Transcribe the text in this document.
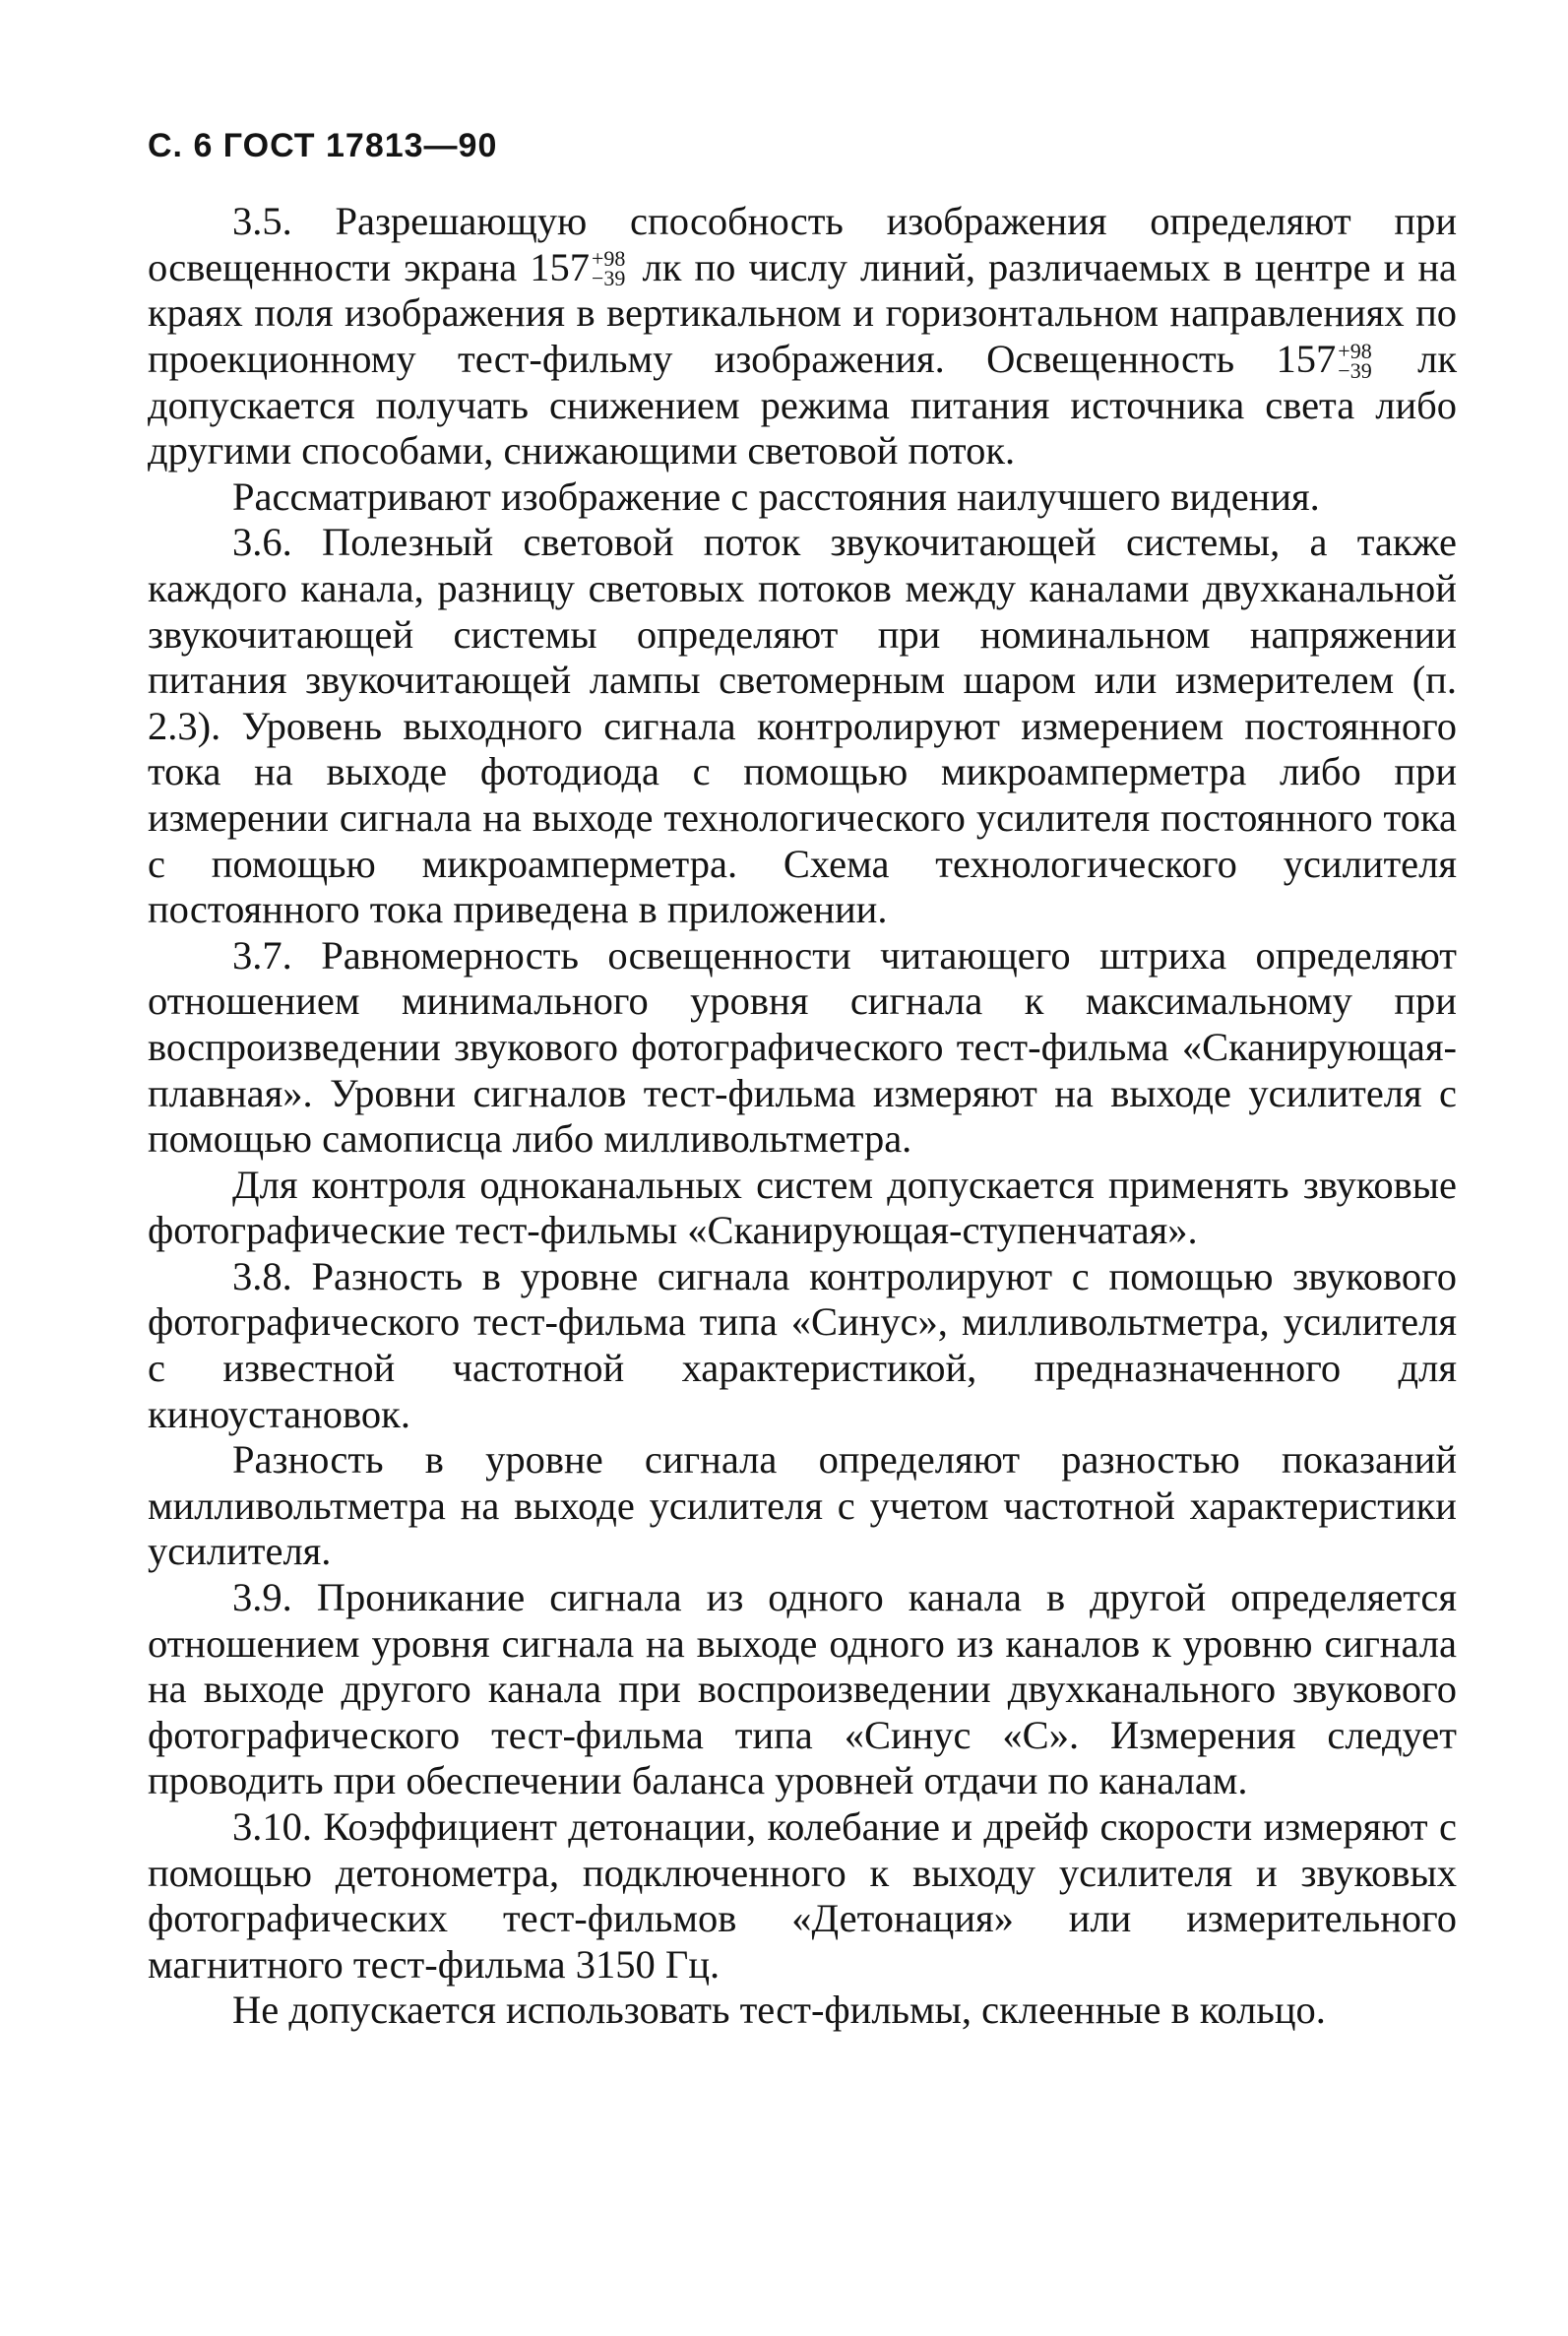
С. 6 ГОСТ 17813—90

3.5. Разрешающую способность изображения определяют при освещенности экрана 157 +98
−39 лк по числу линий, различаемых в центре и на краях поля изображения в вертикальном и горизонтальном направлениях по проекционному тест-фильму изображения. Освещенность 157 +98
−39 лк допускается получать снижением режима питания источника света либо другими способами, снижающими световой поток.

Рассматривают изображение с расстояния наилучшего видения.

3.6. Полезный световой поток звукочитающей системы, а также каждого канала, разницу световых потоков между каналами двухканальной звукочитающей системы определяют при номинальном напряжении питания звукочитающей лампы светомерным шаром или измерителем (п. 2.3). Уровень выходного сигнала контролируют измерением постоянного тока на выходе фотодиода с помощью микроамперметра либо при измерении сигнала на выходе технологического усилителя постоянного тока с помощью микроамперметра. Схема технологического усилителя постоянного тока приведена в приложении.

3.7. Равномерность освещенности читающего штриха определяют отношением минимального уровня сигнала к максимальному при воспроизведении звукового фотографического тест-фильма «Сканирующая-плавная». Уровни сигналов тест-фильма измеряют на выходе усилителя с помощью самописца либо милливольтметра.

Для контроля одноканальных систем допускается применять звуковые фотографические тест-фильмы «Сканирующая-ступенчатая».

3.8. Разность в уровне сигнала контролируют с помощью звукового фотографического тест-фильма типа «Синус», милливольтметра, усилителя с известной частотной характеристикой, предназначенного для киноустановок.

Разность в уровне сигнала определяют разностью показаний милливольтметра на выходе усилителя с учетом частотной характеристики усилителя.

3.9. Проникание сигнала из одного канала в другой определяется отношением уровня сигнала на выходе одного из каналов к уровню сигнала на выходе другого канала при воспроизведении двухканального звукового фотографического тест-фильма типа «Синус «С». Измерения следует проводить при обеспечении баланса уровней отдачи по каналам.

3.10. Коэффициент детонации, колебание и дрейф скорости измеряют с помощью детонометра, подключенного к выходу усилителя и звуковых фотографических тест-фильмов «Детонация» или измерительного магнитного тест-фильма 3150 Гц.

Не допускается использовать тест-фильмы, склеенные в кольцо.
